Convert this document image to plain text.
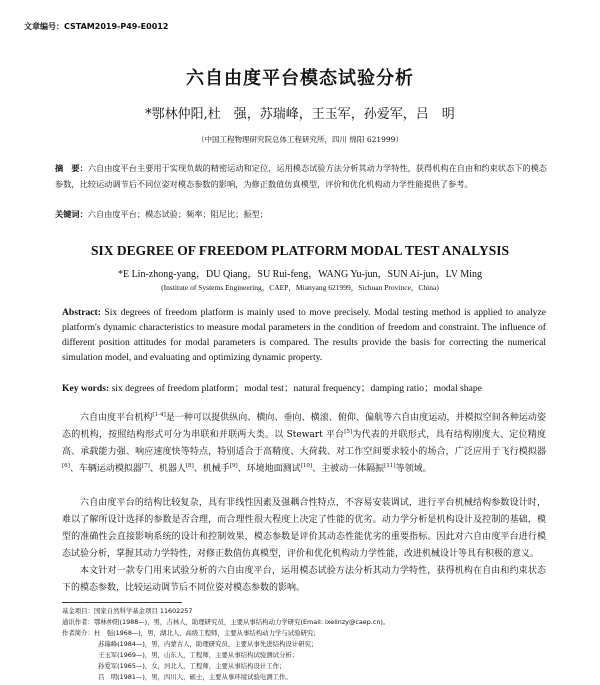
文章编号：CSTAM2019-P49-E0012
六自由度平台模态试验分析
*鄂林仲阳,杜　强，苏瑞峰，王玉军，孙爱军，吕　明
（中国工程物理研究院总体工程研究所，四川 绵阳 621999）
摘　要：六自由度平台主要用于实现负载的精密运动和定位，运用模态试验方法分析其动力学特性，获得机构在自由和约束状态下的模态参数，比较运动调节后不同位姿对模态参数的影响，为修正数值仿真模型，评价和优化机构动力学性能提供了参考。
关键词：六自由度平台；模态试验；频率；阻尼比；振型；
SIX DEGREE OF FREEDOM PLATFORM MODAL TEST ANALYSIS
*E Lin-zhong-yang，DU Qiang，SU Rui-feng，WANG Yu-jun，SUN Ai-jun，LV Ming
(Institute of Systems Engineering，CAEP，Mianyang 621999，Sichuan Province，China)
Abstract: Six degrees of freedom platform is mainly used to move precisely. Modal testing method is applied to analyze platform's dynamic characteristics to measure modal parameters in the condition of freedom and constraint. The influence of different position attitudes for modal parameters is compared. The results provide the basis for correcting the numerical simulation model, and evaluating and optimizing dynamic property.
Key words: six degrees of freedom platform；modal test；natural frequency；damping ratio；modal shape
六自由度平台机构[1-4]是一种可以提供纵向、横向、垂向、横滚、俯仰、偏航等六自由度运动，并模拟空间各种运动姿态的机构，按照结构形式可分为串联和并联两大类。以 Stewart 平台[5]为代表的并联形式，具有结构刚度大、定位精度高、承载能力强、响应速度快等特点，特别适合于高精度、大荷载、对工作空间要求较小的场合，广泛应用于飞行模拟器[6]、车辆运动模拟器[7]、机器人[8]、机械手[9]、环境地面测试[10]、主被动一体隔振[11]等领域。
六自由度平台的结构比较复杂，具有非线性因素及强耦合性特点，不容易安装调试，进行平台机械结构参数设计时，难以了解所设计选择的参数是否合理，而合理性很大程度上决定了性能的优劣。动力学分析是机构设计及控制的基础，模型的准确性会直接影响系统的设计和控制效果，模态参数是评价其动态性能优劣的重要指标。因此对六自由度平台进行模态试验分析，掌握其动力学特性，对修正数值仿真模型，评价和优化机构动力学性能，改进机械设计等具有积极的意义。
本文针对一款专门用来试验分析的六自由度平台，运用模态试验方法分析其动力学特性，获得机构在自由和约束状态下的模态参数，比较运动调节后不同位姿对模态参数的影响。
基金项目：国家自然科学基金项目 11602257
通讯作者：鄂林仲阳(1988—)，男，吉林人，助理研究员，主要从事结构动力学研究(Email: lxelinzy@caep.cn)。
作者简介：杜　强(1968—)，男，湖北人，高级工程师，主要从事结构动力学与试验研究；
苏瑞峰(1984—)，男，内蒙古人，助理研究员，主要从事先进结构设计研究；
王玉军(1969—)，男，山东人，工程师，主要从事结构试验测试分析；
孙爱军(1965—)，女，河北人，工程师，主要从事结构设计工作；
吕　明(1981—)，男，四川人，硕士，主要从事环境试验电测工作。
